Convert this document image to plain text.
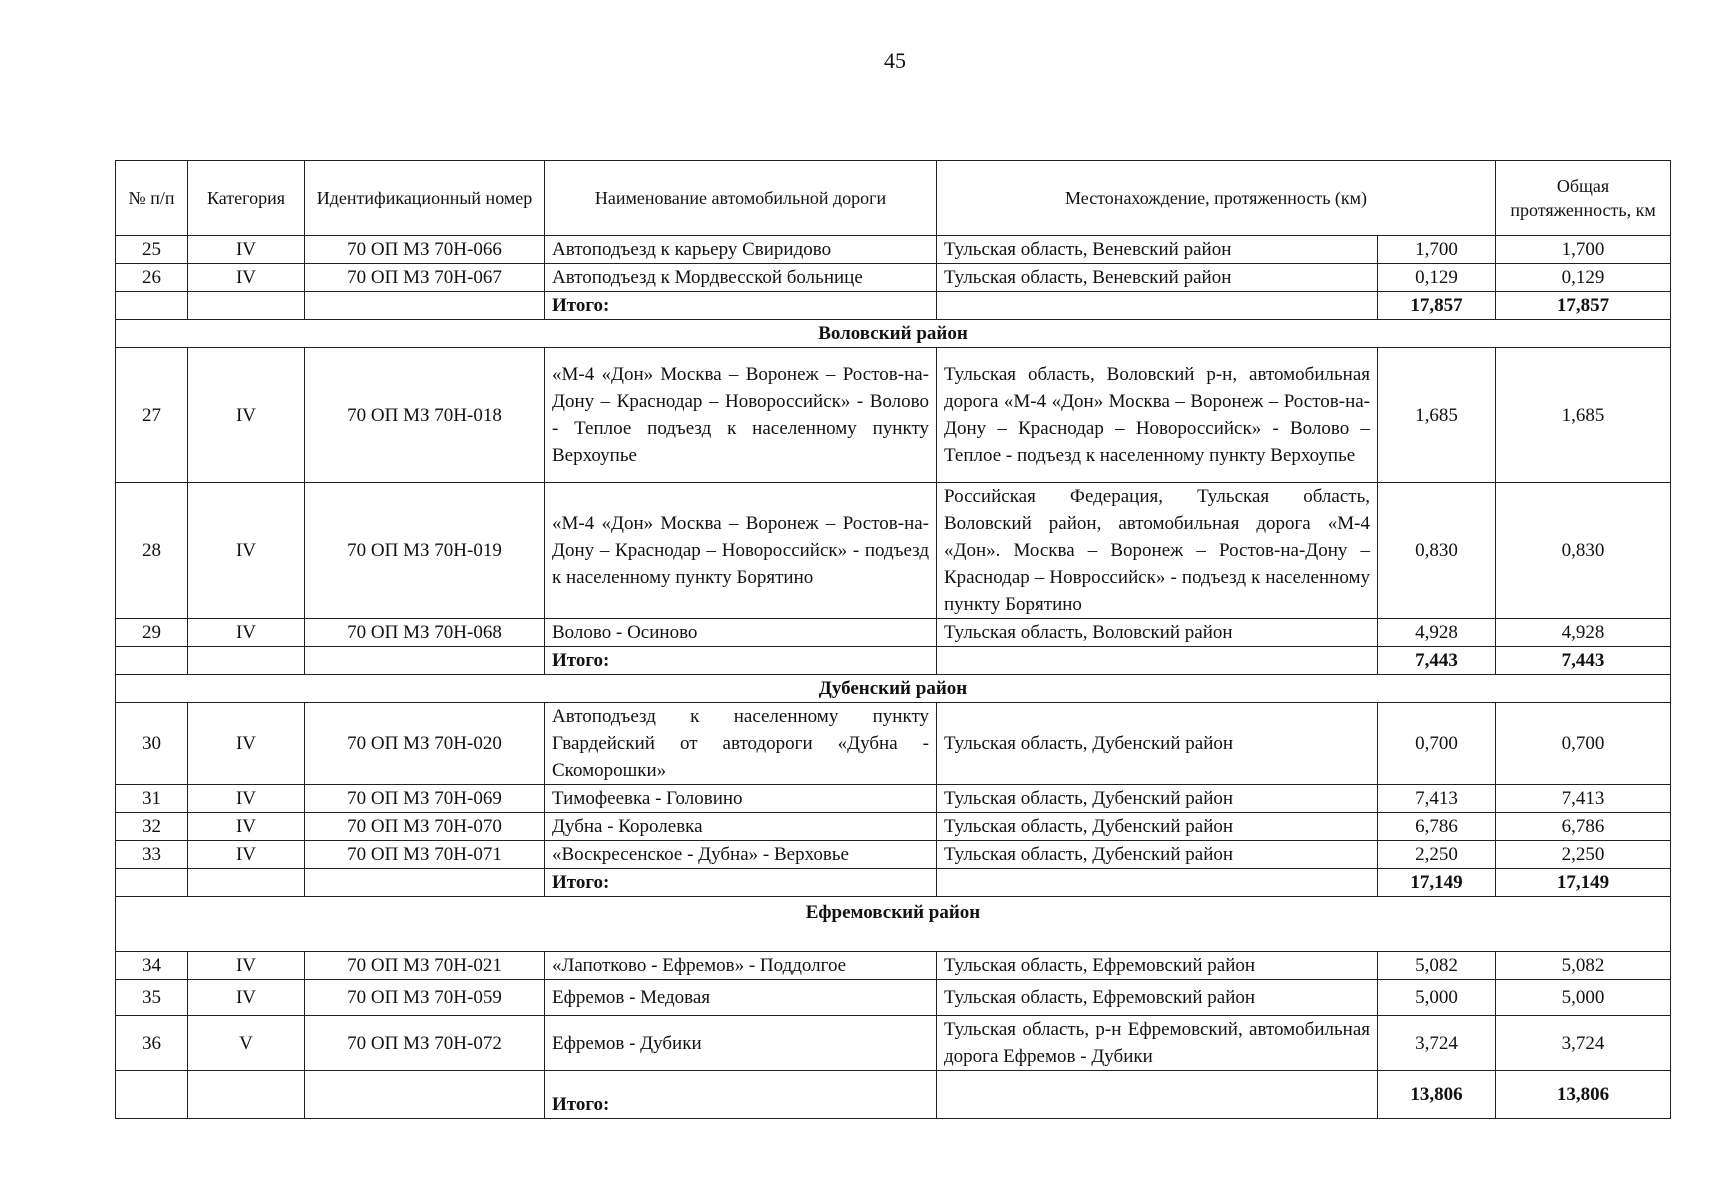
45
№ п/п	Категория	Идентификационный номер	Наименование автомобильной дороги	Местонахождение, протяженность (км)		Общая протяженность, км
25	IV	70 ОП МЗ 70Н-066	Автоподъезд к карьеру Свиридово	Тульская область, Веневский район	1,700	1,700
26	IV	70 ОП МЗ 70Н-067	Автоподъезд к Мордвесской больнице	Тульская область, Веневский район	0,129	0,129
			Итого:		17,857	17,857
Воловский район						
27	IV	70 ОП МЗ 70Н-018	«М-4 «Дон» Москва – Воронеж – Ростов-на-Дону – Краснодар – Новороссийск» - Волово - Теплое подъезд к населенному пункту Верхоупье	Тульская область, Воловский р-н, автомобильная дорога «М-4 «Дон» Москва – Воронеж – Ростов-на-Дону – Краснодар – Новороссийск» - Волово – Теплое - подъезд к населенному пункту Верхоупье	1,685	1,685
28	IV	70 ОП МЗ 70Н-019	«М-4 «Дон» Москва – Воронеж – Ростов-на-Дону – Краснодар – Новороссийск» - подъезд к населенному пункту Борятино	Российская Федерация, Тульская область, Воловский район, автомобильная дорога «М-4 «Дон». Москва – Воронеж – Ростов-на-Дону – Краснодар – Новроссийск» - подъезд к населенному пункту Борятино	0,830	0,830
29	IV	70 ОП МЗ 70Н-068	Волово - Осиново	Тульская область, Воловский район	4,928	4,928
			Итого:		7,443	7,443
Дубенский район						
30	IV	70 ОП МЗ 70Н-020	Автоподъезд к населенному пункту Гвардейский от автодороги «Дубна - Скоморошки»	Тульская область, Дубенский район	0,700	0,700
31	IV	70 ОП МЗ 70Н-069	Тимофеевка - Головино	Тульская область, Дубенский район	7,413	7,413
32	IV	70 ОП МЗ 70Н-070	Дубна - Королевка	Тульская область, Дубенский район	6,786	6,786
33	IV	70 ОП МЗ 70Н-071	«Воскресенское - Дубна» - Верховье	Тульская область, Дубенский район	2,250	2,250
			Итого:		17,149	17,149
Ефремовский район						
34	IV	70 ОП МЗ 70Н-021	«Лапотково - Ефремов» - Поддолгое	Тульская область, Ефремовский район	5,082	5,082
35	IV	70 ОП МЗ 70Н-059	Ефремов - Медовая	Тульская область, Ефремовский район	5,000	5,000
36	V	70 ОП МЗ 70Н-072	Ефремов - Дубики	Тульская область, р-н Ефремовский, автомобильная дорога Ефремов - Дубики	3,724	3,724
			Итого:		13,806	13,806
